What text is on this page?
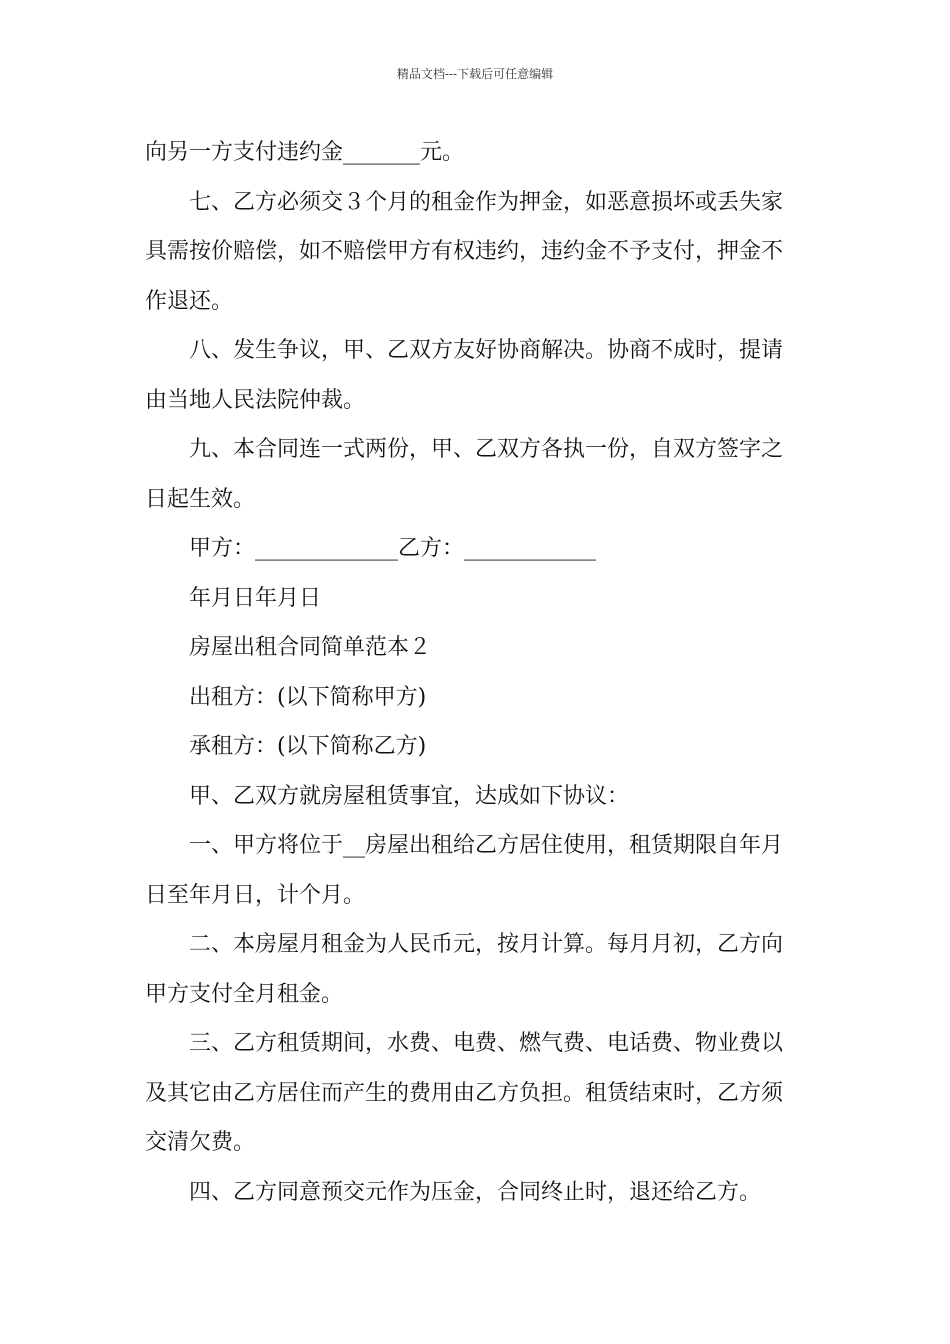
精品文档---下载后可任意编辑
向另一方支付违约金_______元。
七、乙方必须交３个月的租金作为押金，如恶意损坏或丢失家
具需按价赔偿，如不赔偿甲方有权违约，违约金不予支付，押金不
作退还。
八、发生争议，甲、乙双方友好协商解决。协商不成时，提请
由当地人民法院仲裁。
九、本合同连一式两份，甲、乙双方各执一份，自双方签字之
日起生效。
甲方：_____________乙方：____________
年月日年月日
房屋出租合同简单范本２
出租方：(以下简称甲方)
承租方：(以下简称乙方)
甲、乙双方就房屋租赁事宜，达成如下协议：
一、甲方将位于__房屋出租给乙方居住使用，租赁期限自年月
日至年月日，计个月。
二、本房屋月租金为人民币元，按月计算。每月月初，乙方向
甲方支付全月租金。
三、乙方租赁期间，水费、电费、燃气费、电话费、物业费以
及其它由乙方居住而产生的费用由乙方负担。租赁结束时，乙方须
交清欠费。
四、乙方同意预交元作为压金，合同终止时，退还给乙方。
